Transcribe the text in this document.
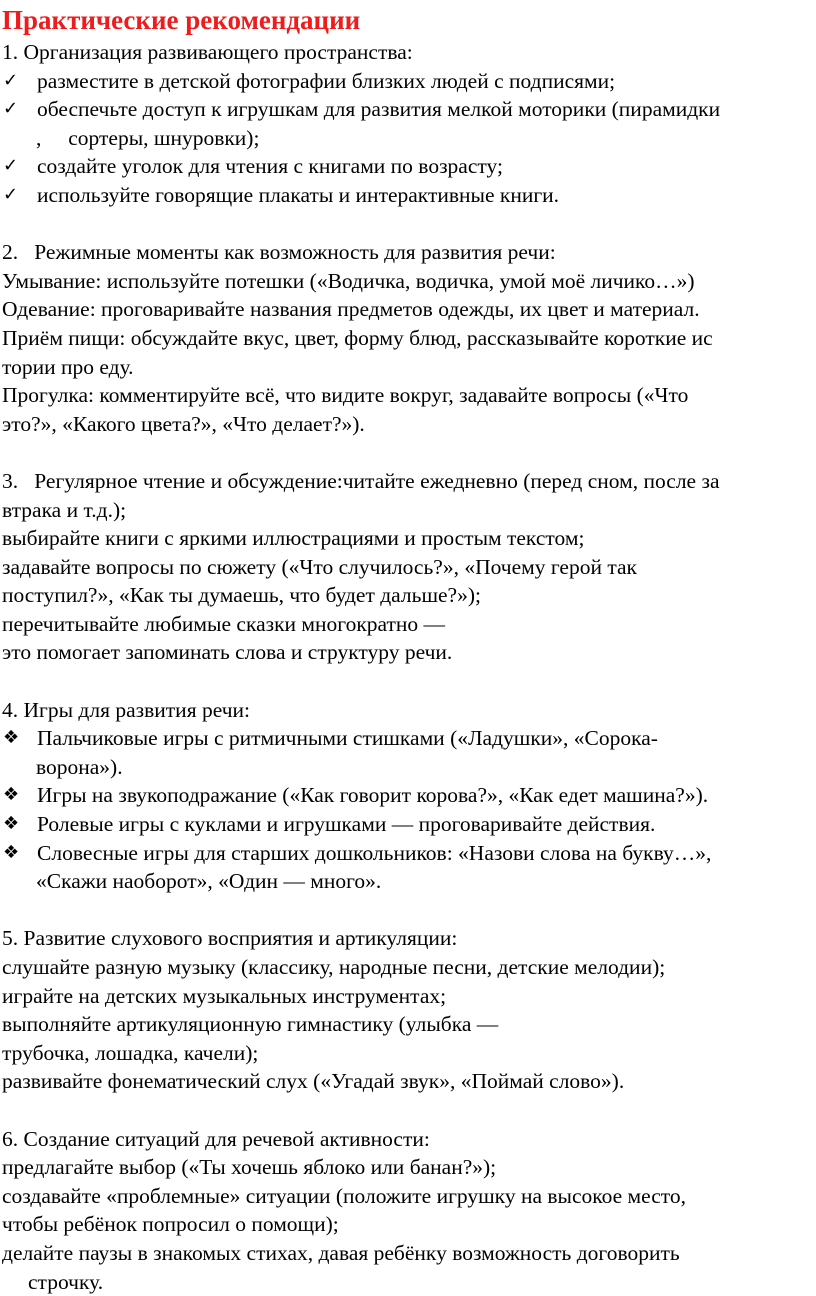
Практические рекомендации
1. Организация развивающего пространства:
✓ разместите в детской фотографии близких людей с подписями;
✓ обеспечьте доступ к игрушкам для развития мелкой моторики (пирамидки
,     сортеры, шнуровки);
✓ создайте уголок для чтения с книгами по возрасту;
✓ используйте говорящие плакаты и интерактивные книги.
2.   Режимные моменты как возможность для развития речи:
Умывание: используйте потешки («Водичка, водичка, умой моё личико…»)
Одевание: проговаривайте названия предметов одежды, их цвет и материал.
Приём пищи: обсуждайте вкус, цвет, форму блюд, рассказывайте короткие ис
тории про еду.
Прогулка: комментируйте всё, что видите вокруг, задавайте вопросы («Что
это?», «Какого цвета?», «Что делает?»).
3.   Регулярное чтение и обсуждение:читайте ежедневно (перед сном, после за
втрака и т.д.);
выбирайте книги с яркими иллюстрациями и простым текстом;
задавайте вопросы по сюжету («Что случилось?», «Почему герой так
поступил?», «Как ты думаешь, что будет дальше?»);
перечитывайте любимые сказки многократно —
это помогает запоминать слова и структуру речи.
4. Игры для развития речи:
❖ Пальчиковые игры с ритмичными стишками («Ладушки», «Сорока-
ворона»).
❖ Игры на звукоподражание («Как говорит корова?», «Как едет машина?»).
❖ Ролевые игры с куклами и игрушками — проговаривайте действия.
❖ Словесные игры для старших дошкольников: «Назови слова на букву…»,
«Скажи наоборот», «Один — много».
5. Развитие слухового восприятия и артикуляции:
слушайте разную музыку (классику, народные песни, детские мелодии);
играйте на детских музыкальных инструментах;
выполняйте артикуляционную гимнастику (улыбка —
трубочка, лошадка, качели);
развивайте фонематический слух («Угадай звук», «Поймай слово»).
6. Создание ситуаций для речевой активности:
предлагайте выбор («Ты хочешь яблоко или банан?»);
создавайте «проблемные» ситуации (положите игрушку на высокое место,
чтобы ребёнок попросил о помощи);
делайте паузы в знакомых стихах, давая ребёнку возможность договорить
строчку.
